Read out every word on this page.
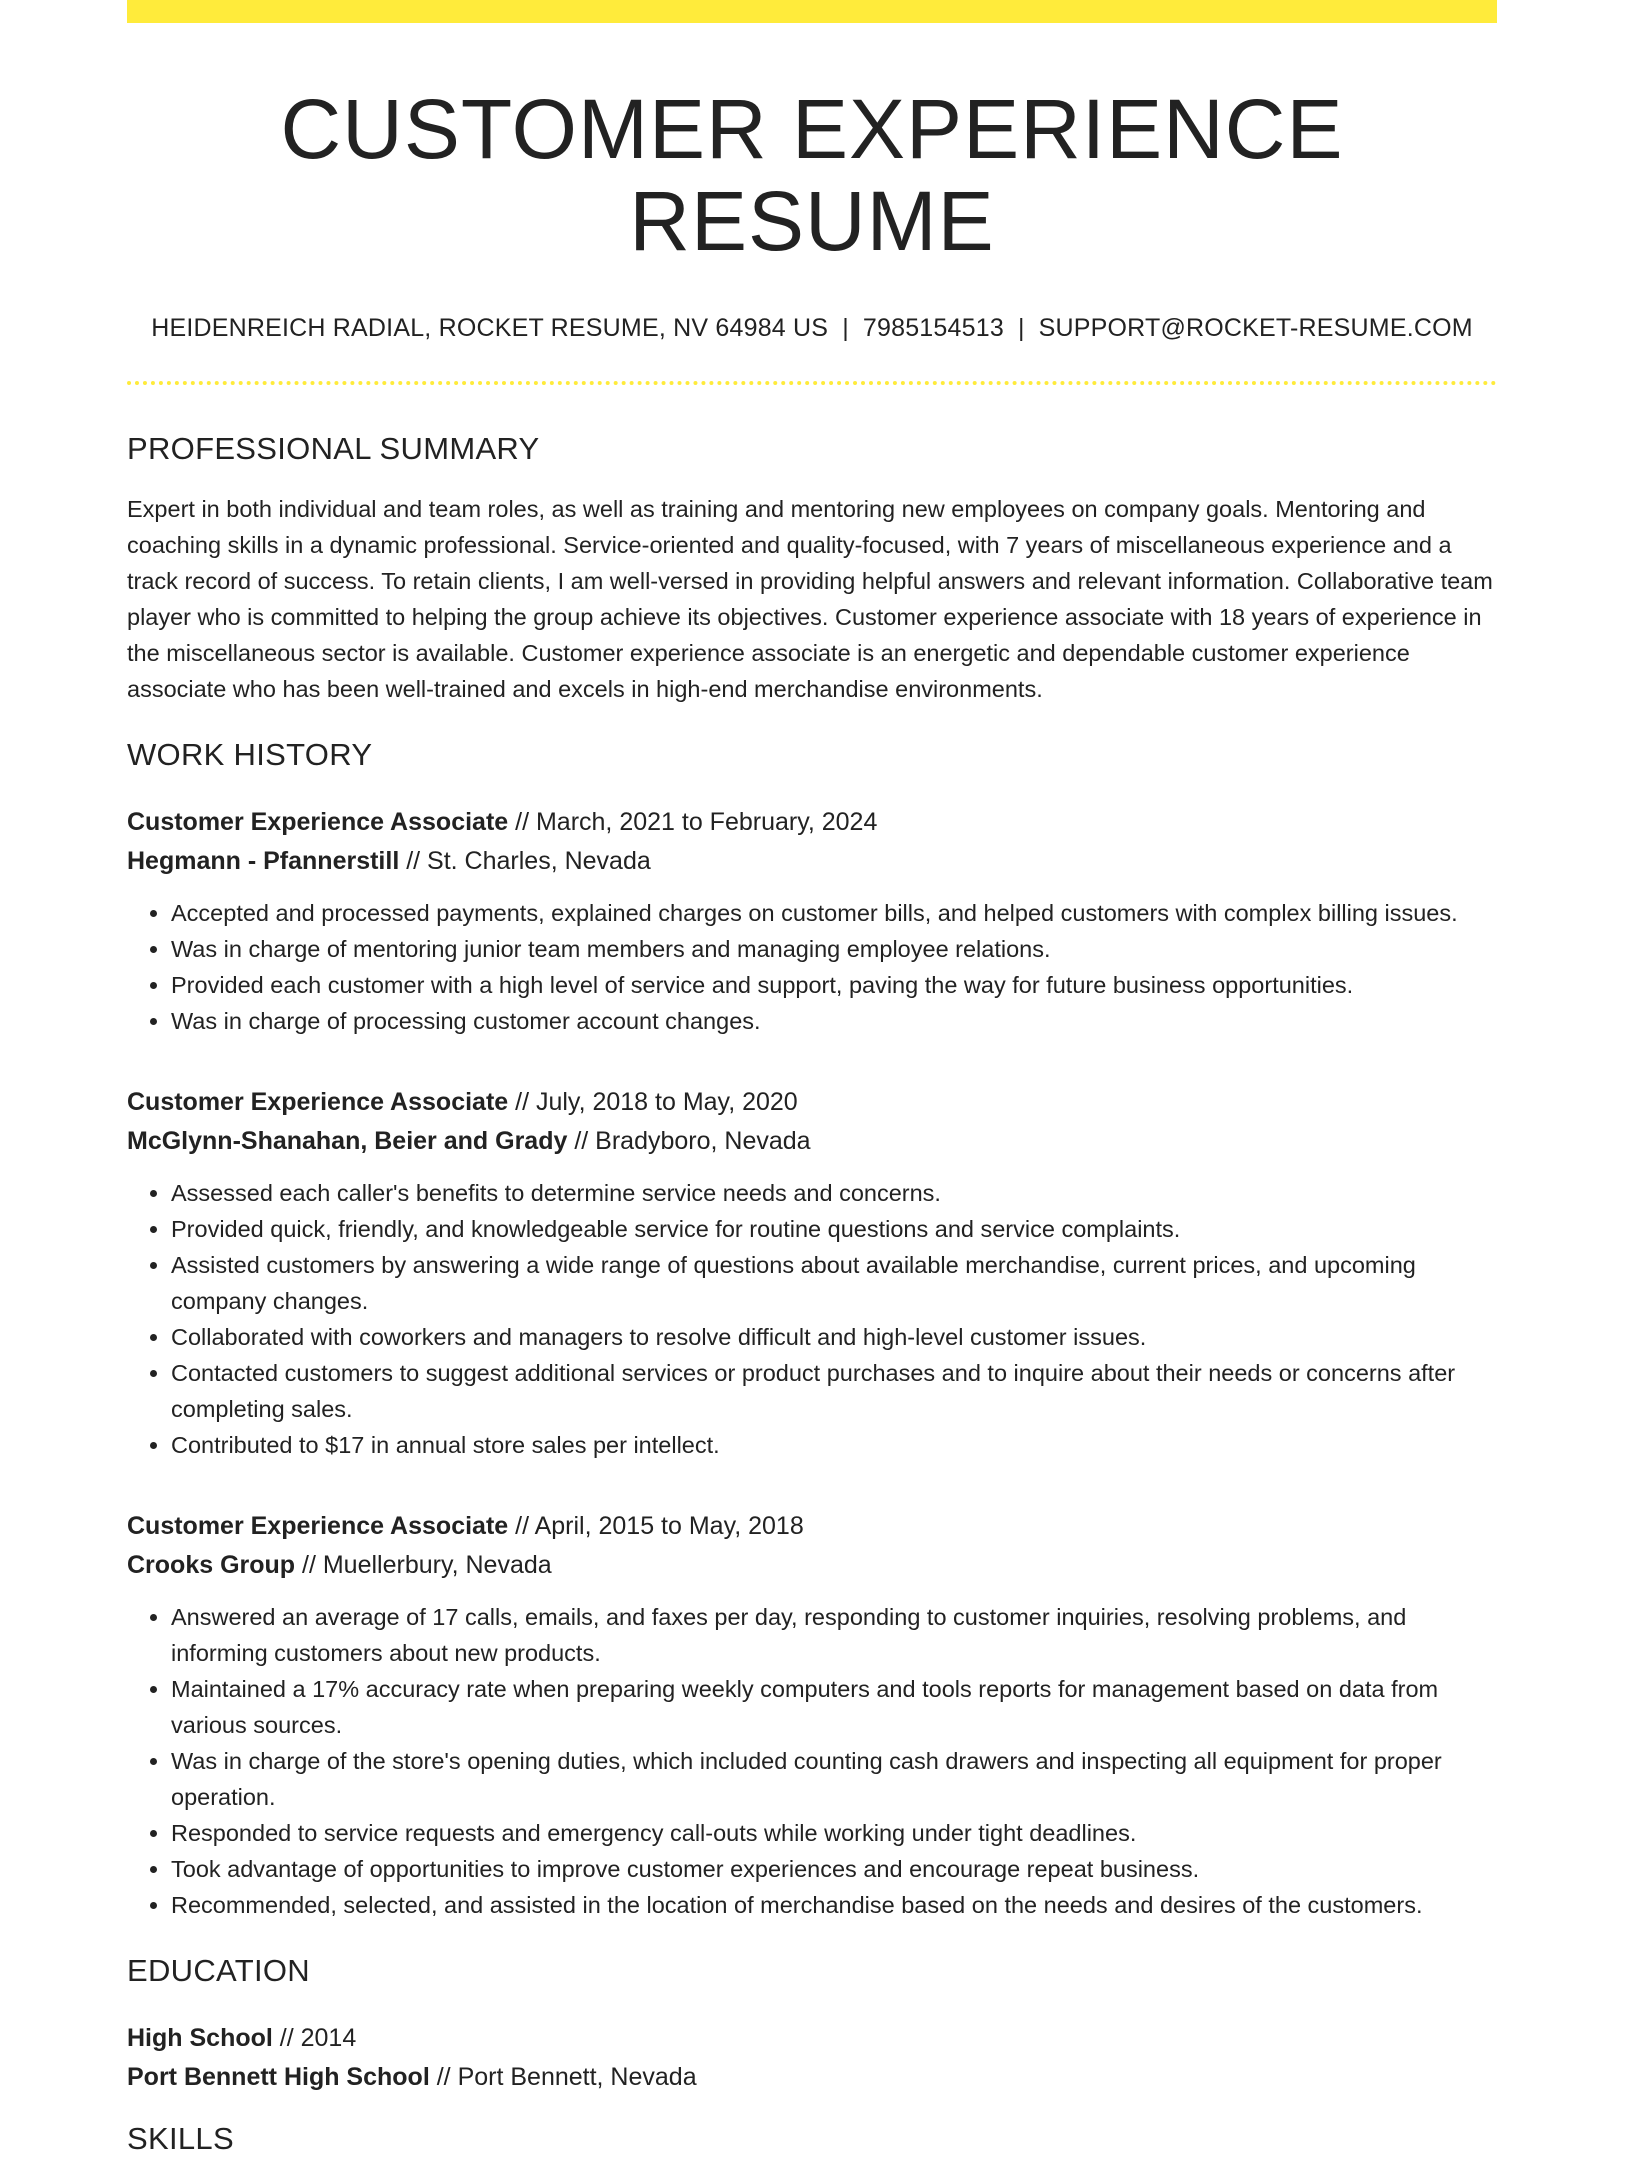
CUSTOMER EXPERIENCE RESUME
HEIDENREICH RADIAL, ROCKET RESUME, NV 64984 US | 7985154513 | SUPPORT@ROCKET-RESUME.COM
PROFESSIONAL SUMMARY
Expert in both individual and team roles, as well as training and mentoring new employees on company goals. Mentoring and coaching skills in a dynamic professional. Service-oriented and quality-focused, with 7 years of miscellaneous experience and a track record of success. To retain clients, I am well-versed in providing helpful answers and relevant information. Collaborative team player who is committed to helping the group achieve its objectives. Customer experience associate with 18 years of experience in the miscellaneous sector is available. Customer experience associate is an energetic and dependable customer experience associate who has been well-trained and excels in high-end merchandise environments.
WORK HISTORY
Customer Experience Associate // March, 2021 to February, 2024
Hegmann - Pfannerstill // St. Charles, Nevada
• Accepted and processed payments, explained charges on customer bills, and helped customers with complex billing issues.
• Was in charge of mentoring junior team members and managing employee relations.
• Provided each customer with a high level of service and support, paving the way for future business opportunities.
• Was in charge of processing customer account changes.
Customer Experience Associate // July, 2018 to May, 2020
McGlynn-Shanahan, Beier and Grady // Bradyboro, Nevada
• Assessed each caller's benefits to determine service needs and concerns.
• Provided quick, friendly, and knowledgeable service for routine questions and service complaints.
• Assisted customers by answering a wide range of questions about available merchandise, current prices, and upcoming company changes.
• Collaborated with coworkers and managers to resolve difficult and high-level customer issues.
• Contacted customers to suggest additional services or product purchases and to inquire about their needs or concerns after completing sales.
• Contributed to $17 in annual store sales per intellect.
Customer Experience Associate // April, 2015 to May, 2018
Crooks Group // Muellerbury, Nevada
• Answered an average of 17 calls, emails, and faxes per day, responding to customer inquiries, resolving problems, and informing customers about new products.
• Maintained a 17% accuracy rate when preparing weekly computers and tools reports for management based on data from various sources.
• Was in charge of the store's opening duties, which included counting cash drawers and inspecting all equipment for proper operation.
• Responded to service requests and emergency call-outs while working under tight deadlines.
• Took advantage of opportunities to improve customer experiences and encourage repeat business.
• Recommended, selected, and assisted in the location of merchandise based on the needs and desires of the customers.
EDUCATION
High School // 2014
Port Bennett High School // Port Bennett, Nevada
SKILLS
